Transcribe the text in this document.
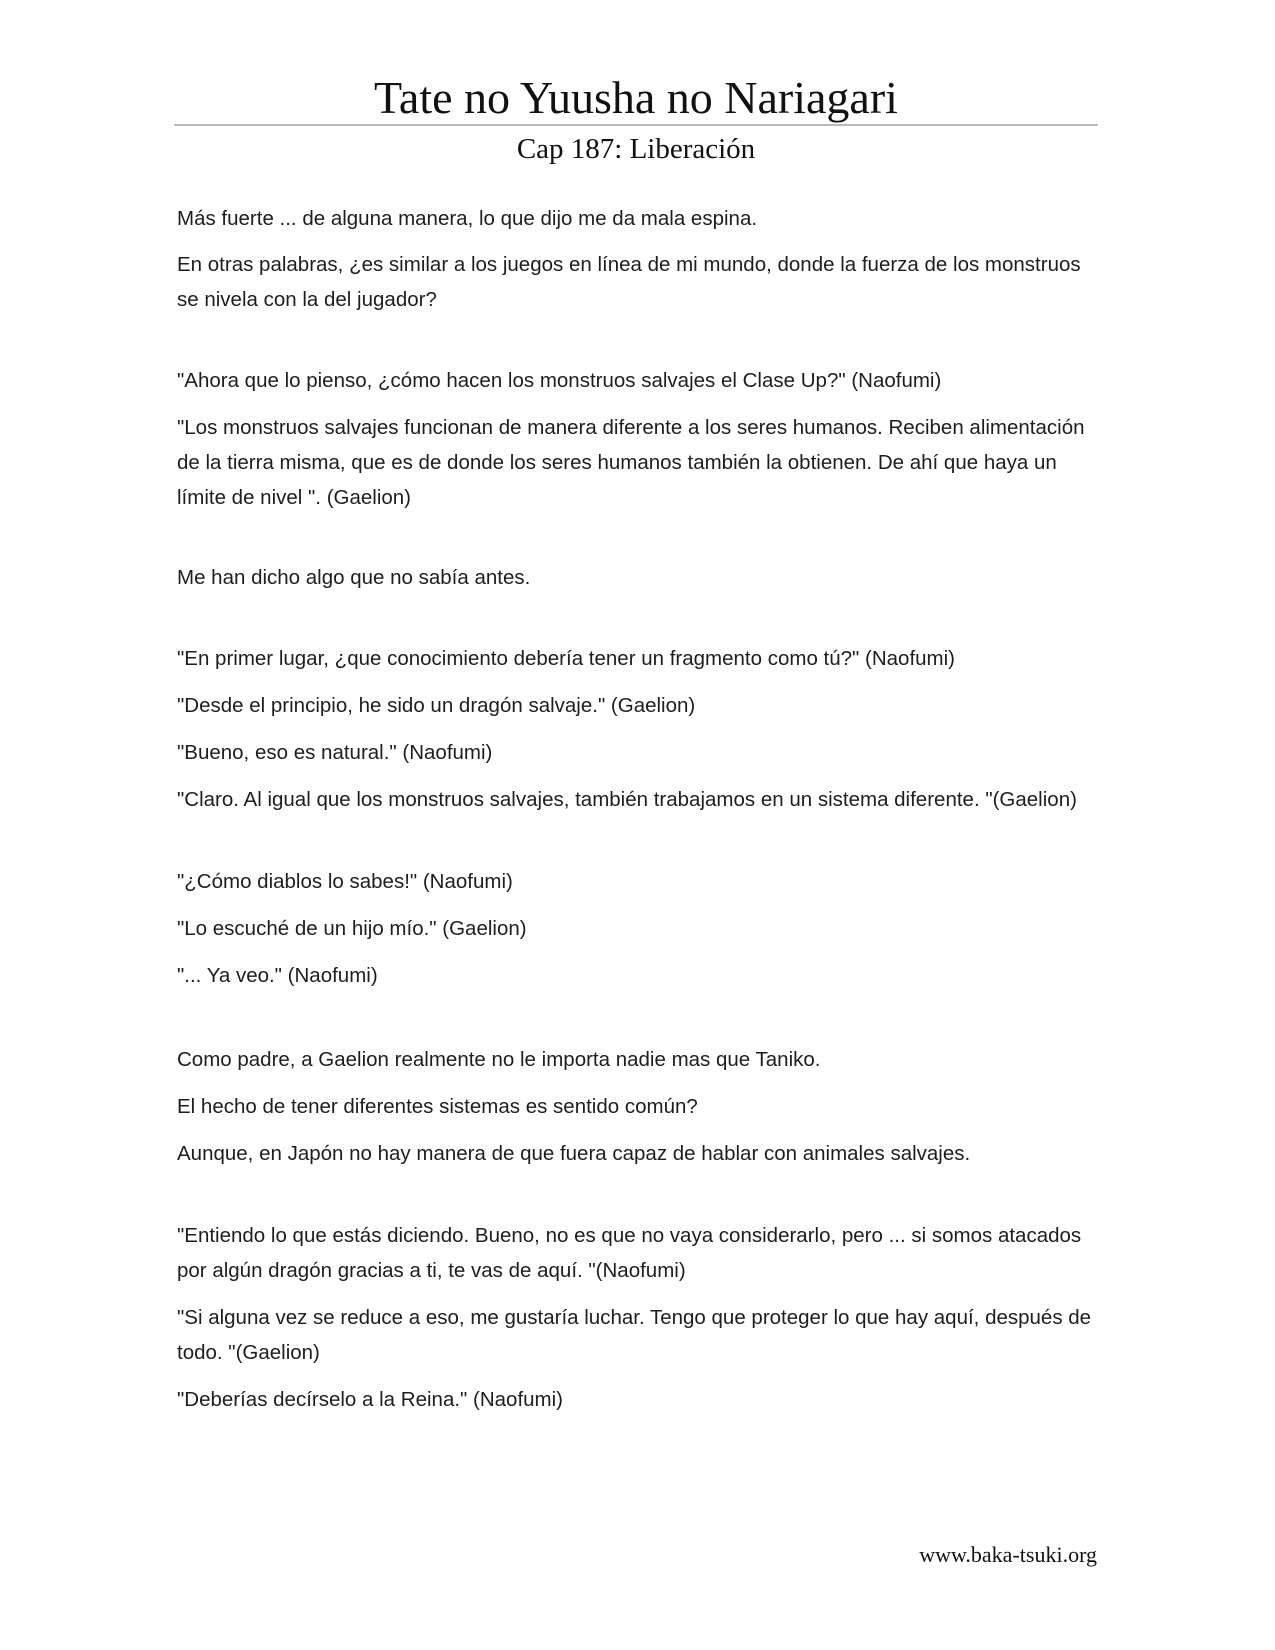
Tate no Yuusha no Nariagari
Cap 187: Liberación

Más fuerte ... de alguna manera, lo que dijo me da mala espina.

En otras palabras, ¿es similar a los juegos en línea de mi mundo, donde la fuerza de los monstruos se nivela con la del jugador?

"Ahora que lo pienso, ¿cómo hacen los monstruos salvajes el Clase Up?" (Naofumi)

"Los monstruos salvajes funcionan de manera diferente a los seres humanos. Reciben alimentación de la tierra misma, que es de donde los seres humanos también la obtienen. De ahí que haya un límite de nivel ". (Gaelion)

Me han dicho algo que no sabía antes.

"En primer lugar, ¿que conocimiento debería tener un fragmento como tú?" (Naofumi)

"Desde el principio, he sido un dragón salvaje." (Gaelion)

"Bueno, eso es natural." (Naofumi)

"Claro. Al igual que los monstruos salvajes, también trabajamos en un sistema diferente. "(Gaelion)

"¿Cómo diablos lo sabes!" (Naofumi)

"Lo escuché de un hijo mío." (Gaelion)

"... Ya veo." (Naofumi)

Como padre, a Gaelion realmente no le importa nadie mas que Taniko.

El hecho de tener diferentes sistemas es sentido común?

Aunque, en Japón no hay manera de que fuera capaz de hablar con animales salvajes.

"Entiendo lo que estás diciendo. Bueno, no es que no vaya considerarlo, pero ... si somos atacados por algún dragón gracias a ti, te vas de aquí. "(Naofumi)

"Si alguna vez se reduce a eso, me gustaría luchar. Tengo que proteger lo que hay aquí, después de todo. "(Gaelion)

"Deberías decírselo a la Reina." (Naofumi)

www.baka-tsuki.org
